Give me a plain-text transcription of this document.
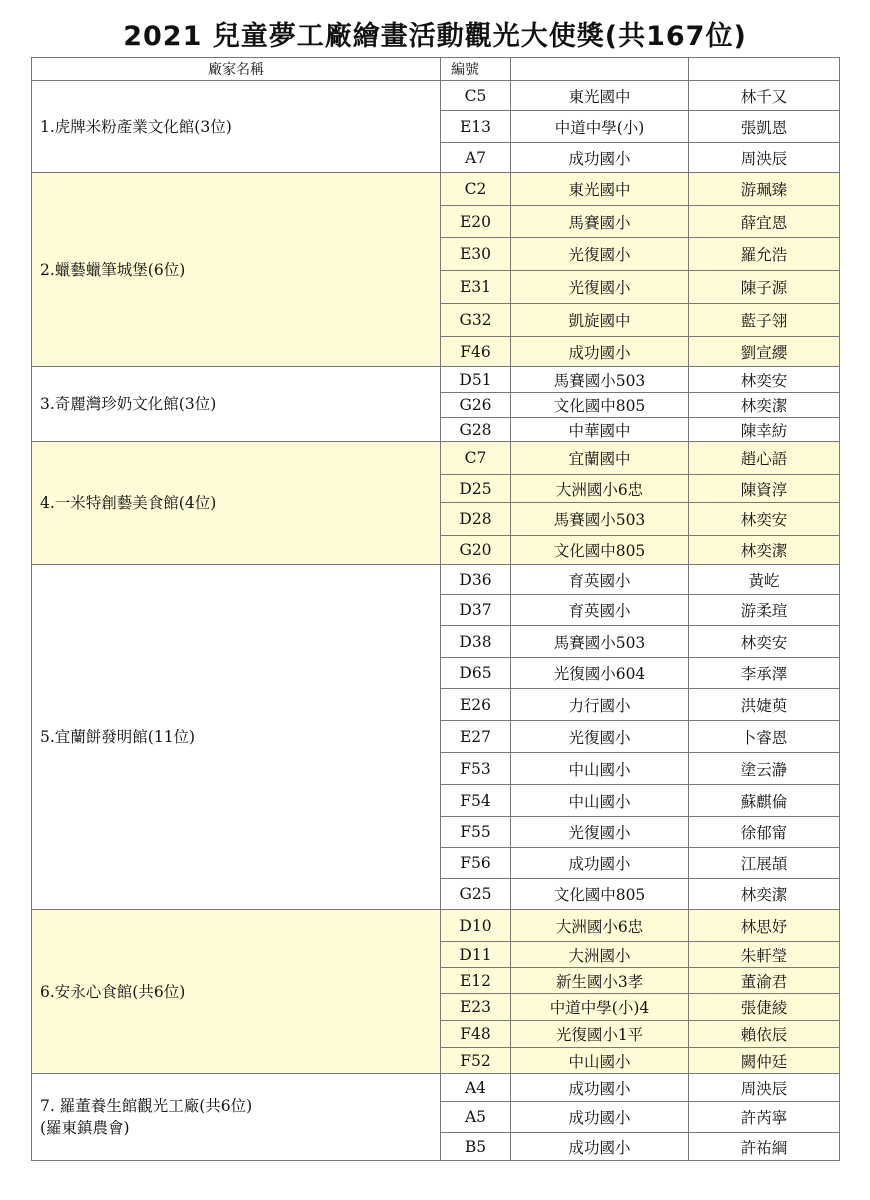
2021 兒童夢工廠繪畫活動觀光大使獎(共167位)
廠家名稱	編號		
1.虎牌米粉產業文化館(3位)	C5	東光國中	林千又
	E13	中道中學(小)	張凱恩
	A7	成功國小	周泱辰
2.蠟藝蠟筆城堡(6位)	C2	東光國中	游珮臻
	E20	馬賽國小	薛宜恩
	E30	光復國小	羅允浩
	E31	光復國小	陳子源
	G32	凱旋國中	藍子翎
	F46	成功國小	劉宣纓
3.奇麗灣珍奶文化館(3位)	D51	馬賽國小503	林奕安
	G26	文化國中805	林奕潔
	G28	中華國中	陳幸紡
4.一米特創藝美食館(4位)	C7	宜蘭國中	趙心語
	D25	大洲國小6忠	陳資淳
	D28	馬賽國小503	林奕安
	G20	文化國中805	林奕潔
5.宜蘭餅發明館(11位)	D36	育英國小	黃屹
	D37	育英國小	游柔瑄
	D38	馬賽國小503	林奕安
	D65	光復國小604	李承澤
	E26	力行國小	洪婕萸
	E27	光復國小	卜睿恩
	F53	中山國小	塗云瀞
	F54	中山國小	蘇麒倫
	F55	光復國小	徐郁甯
	F56	成功國小	江展頡
	G25	文化國中805	林奕潔
6.安永心食館(共6位)	D10	大洲國小6忠	林思妤
	D11	大洲國小	朱軒瑩
	E12	新生國小3孝	董渝君
	E23	中道中學(小)4	張倢綾
	F48	光復國小1平	賴依辰
	F52	中山國小	闕仲廷
7. 羅董養生館觀光工廠(共6位)
(羅東鎮農會)	A4	成功國小	周泱辰
	A5	成功國小	許芮寧
	B5	成功國小	許祐綱
